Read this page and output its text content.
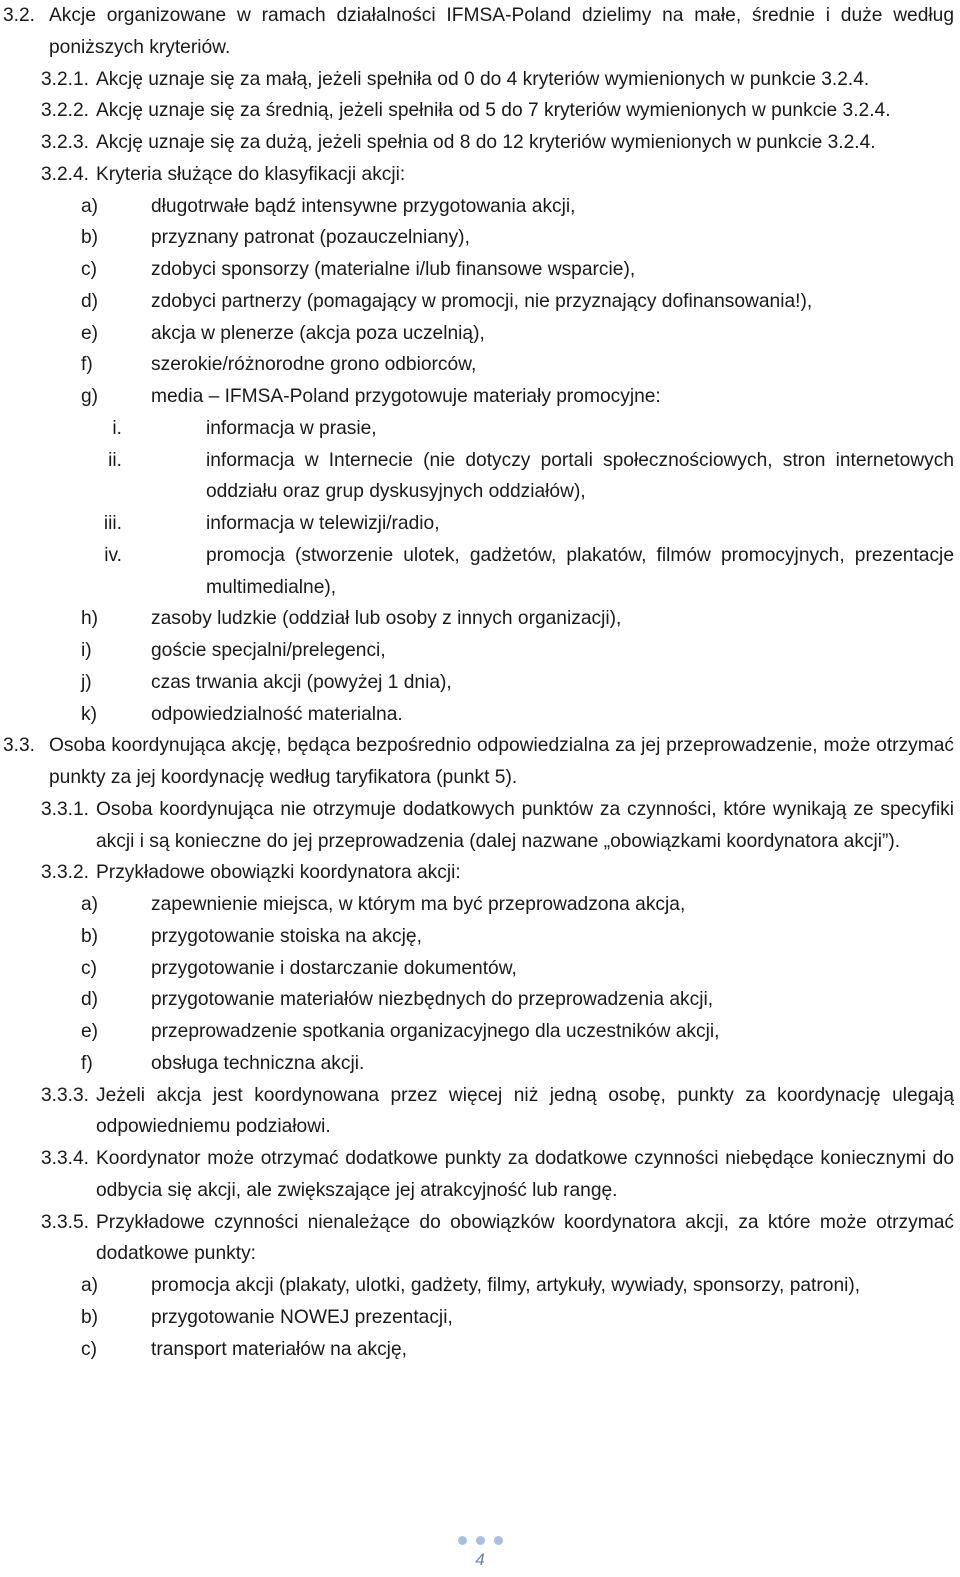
3.2. Akcje organizowane w ramach działalności IFMSA-Poland dzielimy na małe, średnie i duże według poniższych kryteriów.
3.2.1. Akcję uznaje się za małą, jeżeli spełniła od 0 do 4 kryteriów wymienionych w punkcie 3.2.4.
3.2.2. Akcję uznaje się za średnią, jeżeli spełniła od 5 do 7 kryteriów wymienionych w punkcie 3.2.4.
3.2.3. Akcję uznaje się za dużą, jeżeli spełnia od 8 do 12 kryteriów wymienionych w punkcie 3.2.4.
3.2.4. Kryteria służące do klasyfikacji akcji:
a)	długotrwałe bądź intensywne przygotowania akcji,
b)	przyznany patronat (pozauczelniany),
c)	zdobyci sponsorzy (materialne i/lub finansowe wsparcie),
d)	zdobyci partnerzy (pomagający w promocji, nie przyznający dofinansowania!),
e)	akcja w plenerze (akcja poza uczelnią),
f)	szerokie/różnorodne grono odbiorców,
g)	media – IFMSA-Poland przygotowuje materiały promocyjne:
i.	informacja w prasie,
ii.	informacja w Internecie (nie dotyczy portali społecznościowych, stron internetowych oddziału oraz grup dyskusyjnych oddziałów),
iii.	informacja w telewizji/radio,
iv.	promocja (stworzenie ulotek, gadżetów, plakatów, filmów promocyjnych, prezentacje multimedialne),
h)	zasoby ludzkie (oddział lub osoby z innych organizacji),
i)	goście specjalni/prelegenci,
j)	czas trwania akcji (powyżej 1 dnia),
k)	odpowiedzialność materialna.
3.3. Osoba koordynująca akcję, będąca bezpośrednio odpowiedzialna za jej przeprowadzenie, może otrzymać punkty za jej koordynację według taryfikatora (punkt 5).
3.3.1. Osoba koordynująca nie otrzymuje dodatkowych punktów za czynności, które wynikają ze specyfiki akcji i są konieczne do jej przeprowadzenia (dalej nazwane „obowiązkami koordynatora akcji”).
3.3.2. Przykładowe obowiązki koordynatora akcji:
a)	zapewnienie miejsca, w którym ma być przeprowadzona akcja,
b)	przygotowanie stoiska na akcję,
c)	przygotowanie i dostarczanie dokumentów,
d)	przygotowanie materiałów niezbędnych do przeprowadzenia akcji,
e)	przeprowadzenie spotkania organizacyjnego dla uczestników akcji,
f)	obsługa techniczna akcji.
3.3.3. Jeżeli akcja jest koordynowana przez więcej niż jedną osobę, punkty za koordynację ulegają odpowiedniemu podziałowi.
3.3.4. Koordynator może otrzymać dodatkowe punkty za dodatkowe czynności niebędące koniecznymi do odbycia się akcji, ale zwiększające jej atrakcyjność lub rangę.
3.3.5. Przykładowe czynności nienależące do obowiązków koordynatora akcji, za które może otrzymać dodatkowe punkty:
a)	promocja akcji (plakaty, ulotki, gadżety, filmy, artykuły, wywiady, sponsorzy, patroni),
b)	przygotowanie NOWEJ prezentacji,
c)	transport materiałów na akcję,
4
